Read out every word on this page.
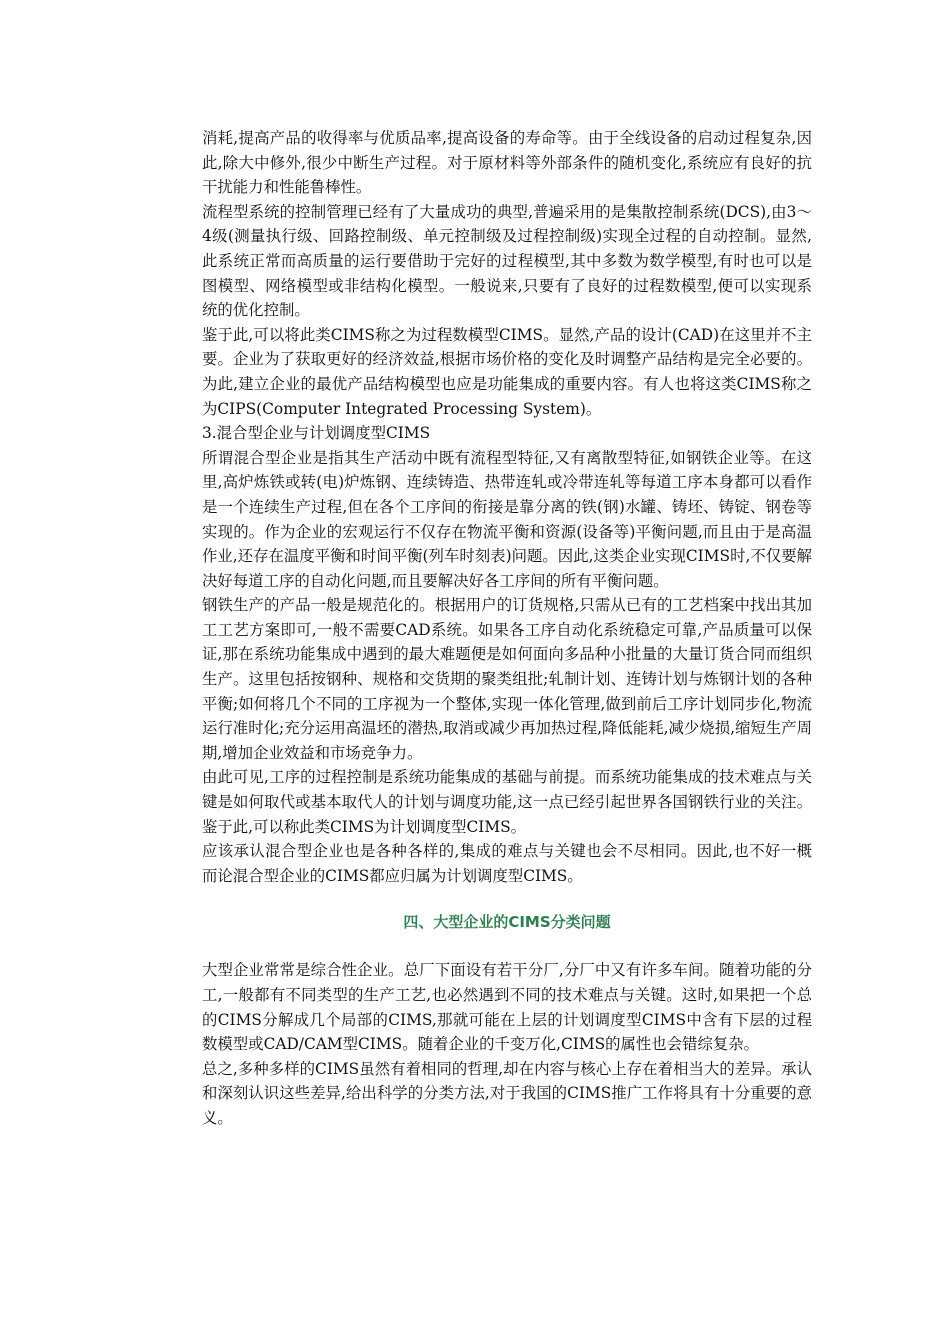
消耗,提高产品的收得率与优质品率,提高设备的寿命等。由于全线设备的启动过程复杂,因此,除大中修外,很少中断生产过程。对于原材料等外部条件的随机变化,系统应有良好的抗干扰能力和性能鲁棒性。

流程型系统的控制管理已经有了大量成功的典型,普遍采用的是集散控制系统(DCS),由3～4级(测量执行级、回路控制级、单元控制级及过程控制级)实现全过程的自动控制。显然,此系统正常而高质量的运行要借助于完好的过程模型,其中多数为数学模型,有时也可以是图模型、网络模型或非结构化模型。一般说来,只要有了良好的过程数模型,便可以实现系统的优化控制。

鉴于此,可以将此类CIMS称之为过程数模型CIMS。显然,产品的设计(CAD)在这里并不主要。企业为了获取更好的经济效益,根据市场价格的变化及时调整产品结构是完全必要的。为此,建立企业的最优产品结构模型也应是功能集成的重要内容。有人也将这类CIMS称之为CIPS(Computer Integrated Processing System)。

3.混合型企业与计划调度型CIMS

所谓混合型企业是指其生产活动中既有流程型特征,又有离散型特征,如钢铁企业等。在这里,高炉炼铁或转(电)炉炼钢、连续铸造、热带连轧或冷带连轧等每道工序本身都可以看作是一个连续生产过程,但在各个工序间的衔接是靠分离的铁(钢)水罐、铸坯、铸锭、钢卷等实现的。作为企业的宏观运行不仅存在物流平衡和资源(设备等)平衡问题,而且由于是高温作业,还存在温度平衡和时间平衡(列车时刻表)问题。因此,这类企业实现CIMS时,不仅要解决好每道工序的自动化问题,而且要解决好各工序间的所有平衡问题。

钢铁生产的产品一般是规范化的。根据用户的订货规格,只需从已有的工艺档案中找出其加工工艺方案即可,一般不需要CAD系统。如果各工序自动化系统稳定可靠,产品质量可以保证,那在系统功能集成中遇到的最大难题便是如何面向多品种小批量的大量订货合同而组织生产。这里包括按钢种、规格和交货期的聚类组批;轧制计划、连铸计划与炼钢计划的各种平衡;如何将几个不同的工序视为一个整体,实现一体化管理,做到前后工序计划同步化,物流运行准时化;充分运用高温坯的潜热,取消或减少再加热过程,降低能耗,减少烧损,缩短生产周期,增加企业效益和市场竞争力。

由此可见,工序的过程控制是系统功能集成的基础与前提。而系统功能集成的技术难点与关键是如何取代或基本取代人的计划与调度功能,这一点已经引起世界各国钢铁行业的关注。鉴于此,可以称此类CIMS为计划调度型CIMS。

应该承认混合型企业也是各种各样的,集成的难点与关键也会不尽相同。因此,也不好一概而论混合型企业的CIMS都应归属为计划调度型CIMS。

四、大型企业的CIMS分类问题

大型企业常常是综合性企业。总厂下面设有若干分厂,分厂中又有许多车间。随着功能的分工,一般都有不同类型的生产工艺,也必然遇到不同的技术难点与关键。这时,如果把一个总的CIMS分解成几个局部的CIMS,那就可能在上层的计划调度型CIMS中含有下层的过程数模型或CAD/CAM型CIMS。随着企业的千变万化,CIMS的属性也会错综复杂。

总之,多种多样的CIMS虽然有着相同的哲理,却在内容与核心上存在着相当大的差异。承认和深刻认识这些差异,给出科学的分类方法,对于我国的CIMS推广工作将具有十分重要的意义。
